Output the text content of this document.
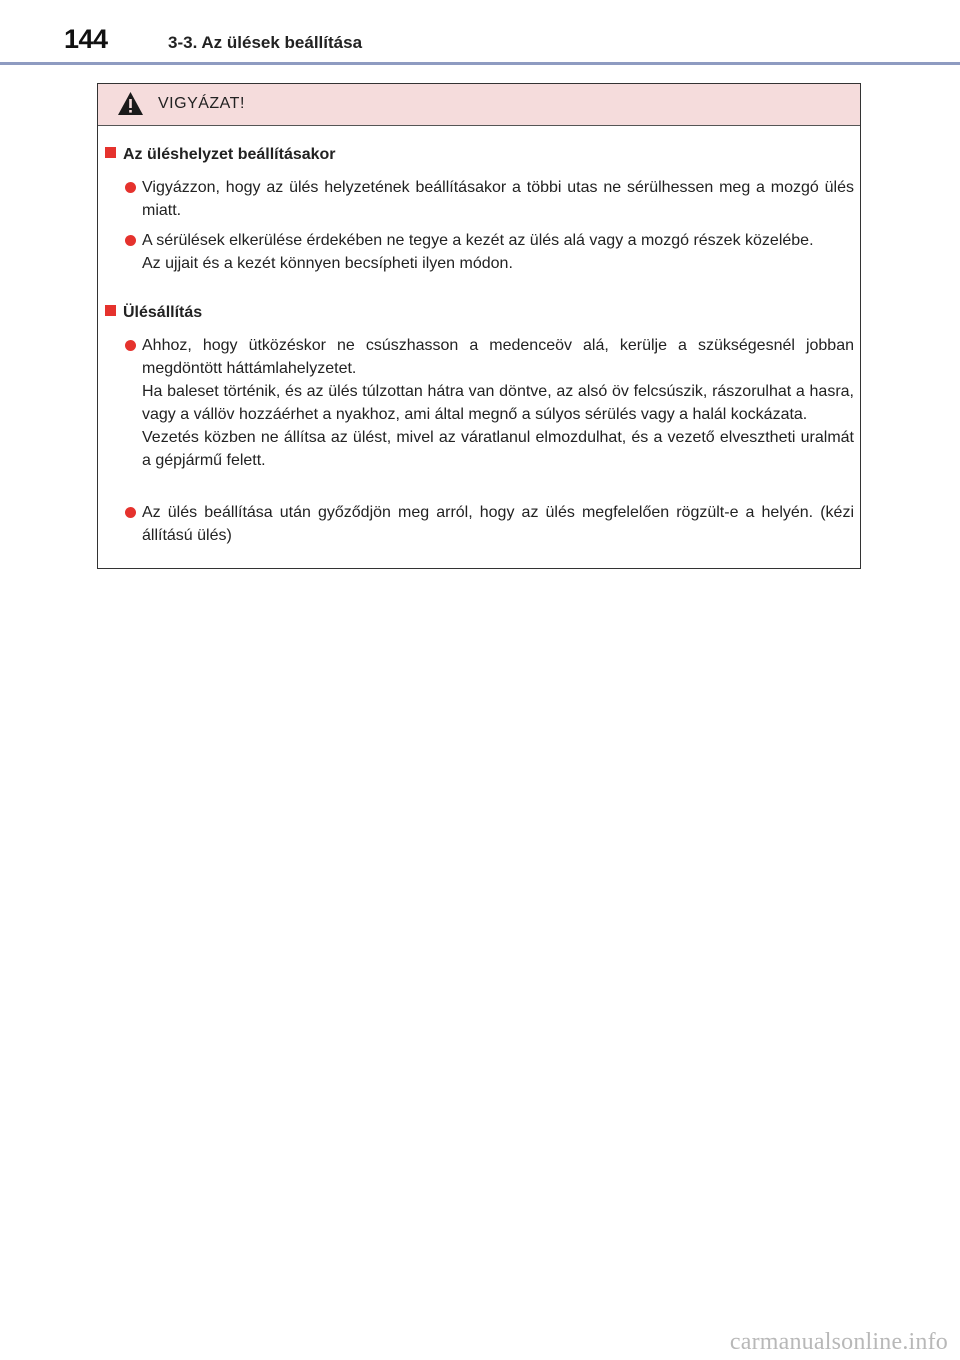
144	3-3. Az ülések beállítása
VIGYÁZAT!
Az üléshelyzet beállításakor

Vigyázzon, hogy az ülés helyzetének beállításakor a többi utas ne sérülhessen meg a mozgó ülés miatt.

A sérülések elkerülése érdekében ne tegye a kezét az ülés alá vagy a mozgó részek közelébe.

Az ujjait és a kezét könnyen becsípheti ilyen módon.

Ülésállítás

Ahhoz, hogy ütközéskor ne csúszhasson a medenceöv alá, kerülje a szükségesnél jobban megdöntött háttámlahelyzetet.

Ha baleset történik, és az ülés túlzottan hátra van döntve, az alsó öv felcsúszik, rászorulhat a hasra, vagy a vállöv hozzáérhet a nyakhoz, ami által megnő a súlyos sérülés vagy a halál kockázata.

Vezetés közben ne állítsa az ülést, mivel az váratlanul elmozdulhat, és a vezető elvesztheti uralmát a gépjármű felett.

Az ülés beállítása után győződjön meg arról, hogy az ülés megfelelően rögzült-e a helyén. (kézi állítású ülés)

carmanualsonline.info
